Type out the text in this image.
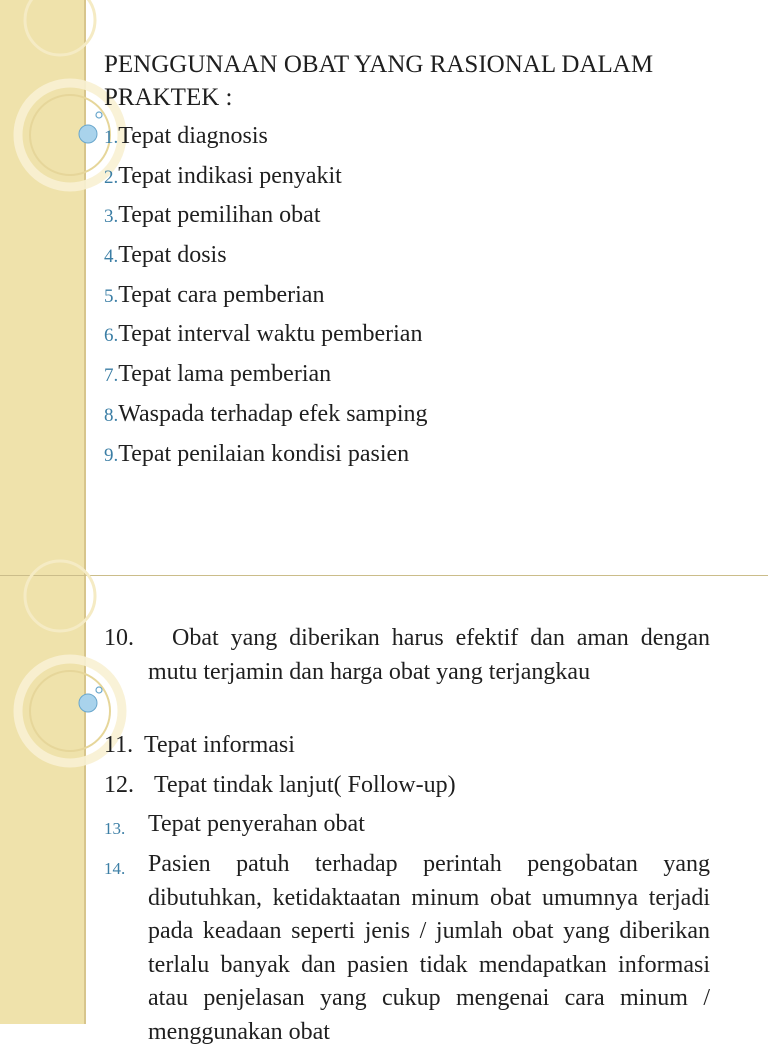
PENGGUNAAN OBAT YANG RASIONAL DALAM PRAKTEK :
1.Tepat diagnosis
2.Tepat indikasi penyakit
3.Tepat pemilihan obat
4.Tepat dosis
5.Tepat cara pemberian
6.Tepat interval waktu pemberian
7.Tepat lama pemberian
8.Waspada terhadap efek samping
9.Tepat penilaian kondisi pasien
10.	Obat yang diberikan harus efektif dan aman dengan mutu terjamin dan harga obat yang terjangkau
11. Tepat informasi
12. Tepat tindak lanjut( Follow-up)
13. Tepat penyerahan obat
14. Pasien patuh terhadap perintah pengobatan yang dibutuhkan, ketidaktaatan minum obat umumnya terjadi pada keadaan seperti jenis / jumlah obat yang diberikan terlalu banyak dan pasien tidak mendapatkan informasi atau penjelasan yang cukup mengenai cara minum / menggunakan obat
